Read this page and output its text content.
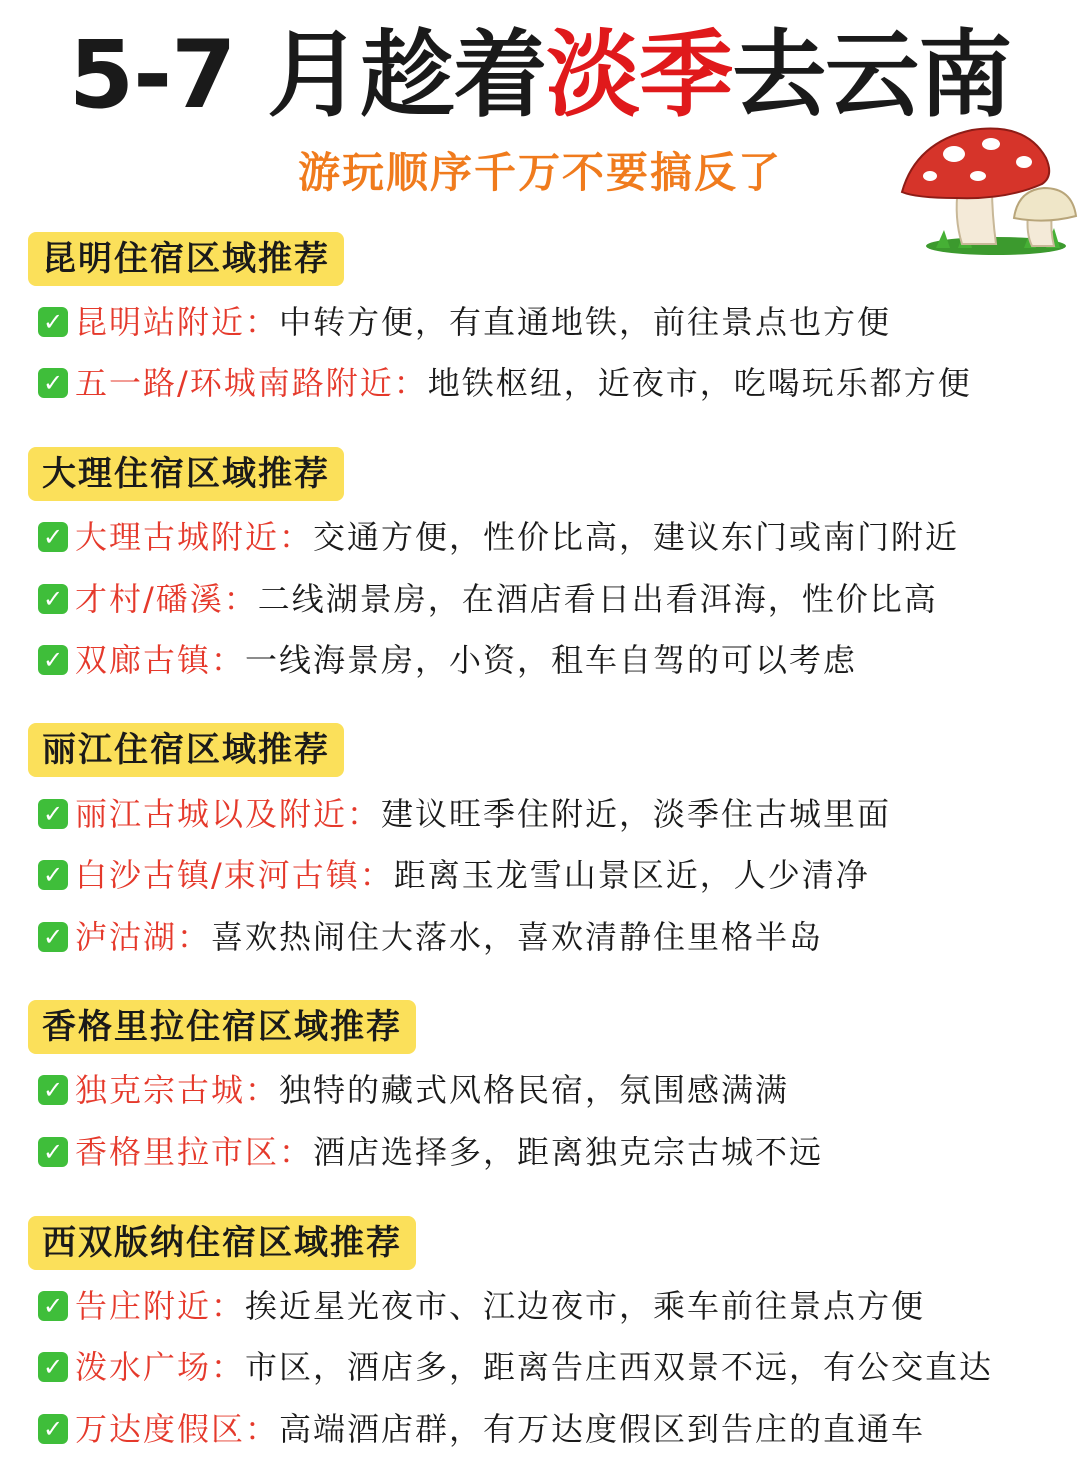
5-7 月趁着淡季去云南
游玩顺序千万不要搞反了
昆明住宿区域推荐
✓ 昆明站附近：中转方便，有直通地铁，前往景点也方便
✓ 五一路/环城南路附近：地铁枢纽，近夜市，吃喝玩乐都方便
大理住宿区域推荐
✓ 大理古城附近：交通方便，性价比高，建议东门或南门附近
✓ 才村/磻溪：二线湖景房，在酒店看日出看洱海，性价比高
✓ 双廊古镇：一线海景房，小资，租车自驾的可以考虑
丽江住宿区域推荐
✓ 丽江古城以及附近：建议旺季住附近，淡季住古城里面
✓ 白沙古镇/束河古镇：距离玉龙雪山景区近，人少清净
✓ 泸沽湖：喜欢热闹住大落水，喜欢清静住里格半岛
香格里拉住宿区域推荐
✓ 独克宗古城：独特的藏式风格民宿，氛围感满满
✓ 香格里拉市区：酒店选择多，距离独克宗古城不远
西双版纳住宿区域推荐
✓ 告庄附近：挨近星光夜市、江边夜市，乘车前往景点方便
✓ 泼水广场：市区，酒店多，距离告庄西双景不远，有公交直达
✓ 万达度假区：高端酒店群，有万达度假区到告庄的直通车
